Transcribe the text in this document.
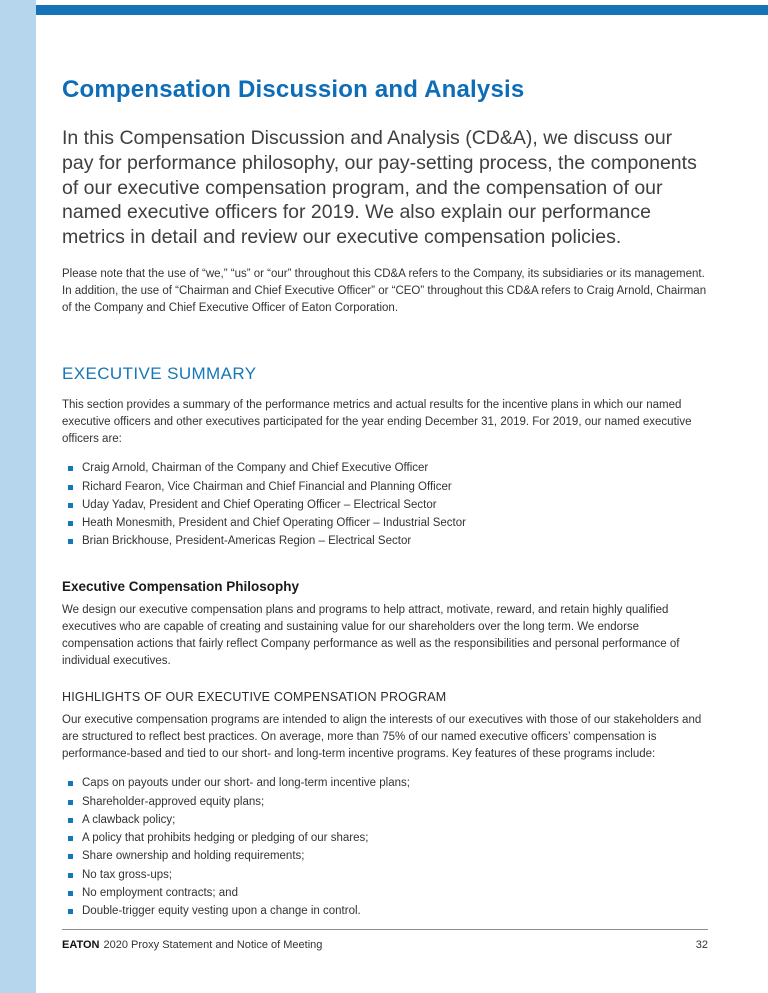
Compensation Discussion and Analysis

In this Compensation Discussion and Analysis (CD&A), we discuss our pay for performance philosophy, our pay-setting process, the components of our executive compensation program, and the compensation of our named executive officers for 2019. We also explain our performance metrics in detail and review our executive compensation policies.

Please note that the use of “we,” “us” or “our” throughout this CD&A refers to the Company, its subsidiaries or its management. In addition, the use of “Chairman and Chief Executive Officer” or “CEO” throughout this CD&A refers to Craig Arnold, Chairman of the Company and Chief Executive Officer of Eaton Corporation.

EXECUTIVE SUMMARY

This section provides a summary of the performance metrics and actual results for the incentive plans in which our named executive officers and other executives participated for the year ending December 31, 2019. For 2019, our named executive officers are:

Craig Arnold, Chairman of the Company and Chief Executive Officer
Richard Fearon, Vice Chairman and Chief Financial and Planning Officer
Uday Yadav, President and Chief Operating Officer – Electrical Sector
Heath Monesmith, President and Chief Operating Officer – Industrial Sector
Brian Brickhouse, President-Americas Region – Electrical Sector
Executive Compensation Philosophy

We design our executive compensation plans and programs to help attract, motivate, reward, and retain highly qualified executives who are capable of creating and sustaining value for our shareholders over the long term. We endorse compensation actions that fairly reflect Company performance as well as the responsibilities and personal performance of individual executives.

HIGHLIGHTS OF OUR EXECUTIVE COMPENSATION PROGRAM

Our executive compensation programs are intended to align the interests of our executives with those of our stakeholders and are structured to reflect best practices. On average, more than 75% of our named executive officers’ compensation is performance-based and tied to our short- and long-term incentive programs. Key features of these programs include:

Caps on payouts under our short- and long-term incentive plans;
Shareholder-approved equity plans;
A clawback policy;
A policy that prohibits hedging or pledging of our shares;
Share ownership and holding requirements;
No tax gross-ups;
No employment contracts; and
Double-trigger equity vesting upon a change in control.
EATON 2020 Proxy Statement and Notice of Meeting	32
